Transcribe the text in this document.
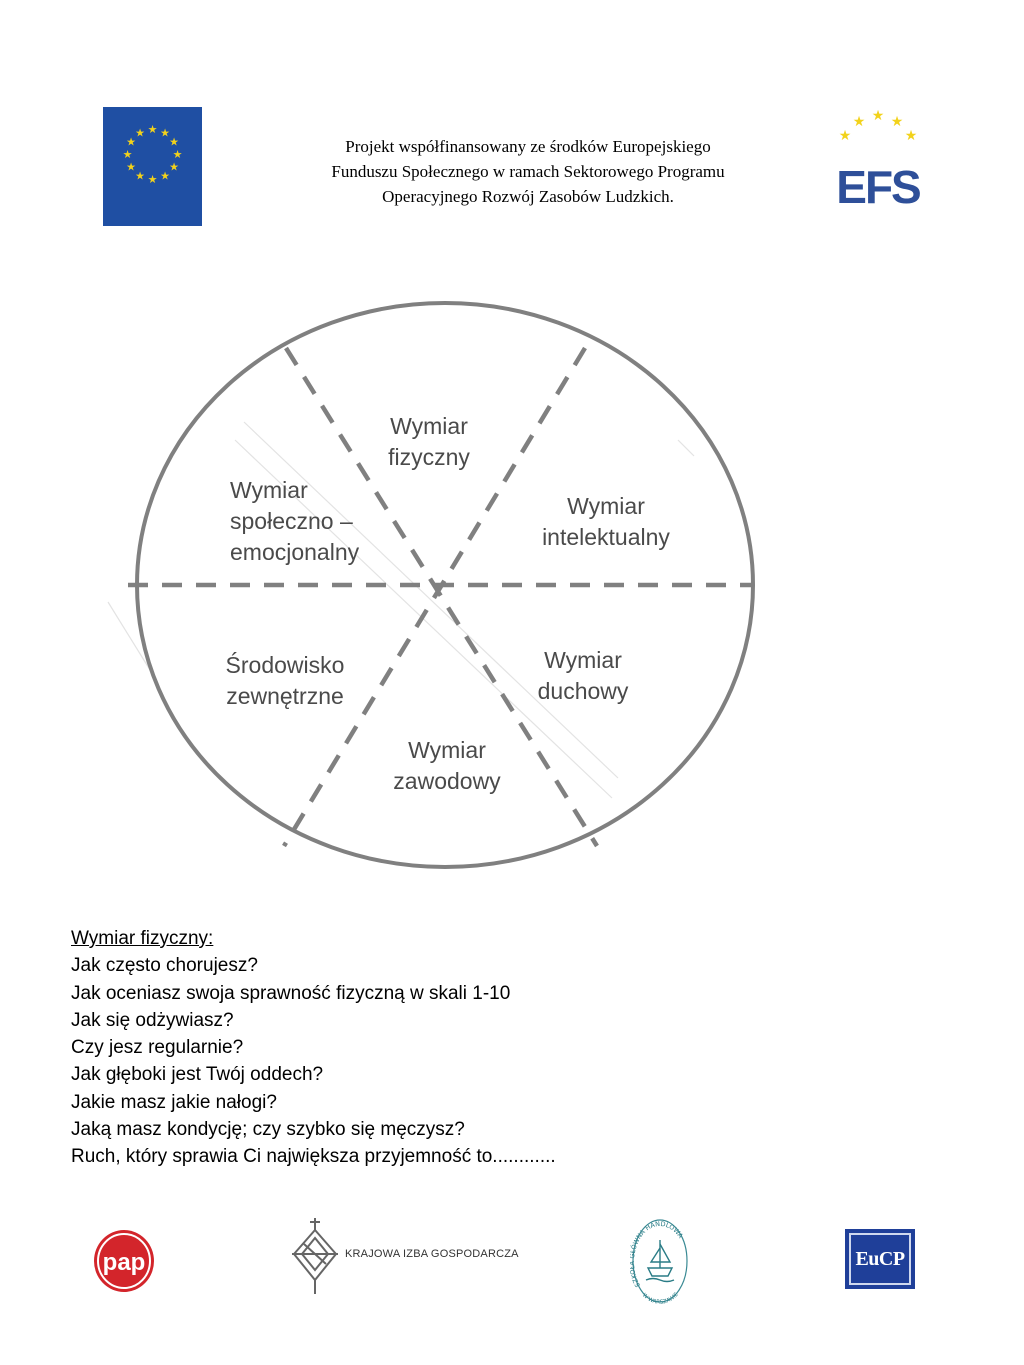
★ ★
★
★
★
★
★
★
★
★
★
★
Projekt współfinansowany ze środków Europejskiego
Funduszu Społecznego w ramach Sektorowego Programu
Operacyjnego Rozwój Zasobów Ludzkich.
★
★ ★ ★
★
EFS
Wymiar
fizyczny
Wymiar
intelektualny
Wymiar
duchowy
Wymiar
zawodowy
Środowisko
zewnętrzne
Wymiar
społeczno –
emocjonalny
Wymiar fizyczny:
Jak często chorujesz?
Jak oceniasz swoja sprawność fizyczną w skali 1-10
Jak się odżywiasz?
Czy jesz regularnie?
Jak głęboki jest Twój oddech?
Jakie masz jakie nałogi?
Jaką masz kondycję; czy szybko się męczysz?
Ruch, który sprawia Ci największa przyjemność to............
pap	KRAJOWA IZBA GOSPODARCZA
SZK ÓWNA HANDLOWA
W WARSZAWIE
EuCP
